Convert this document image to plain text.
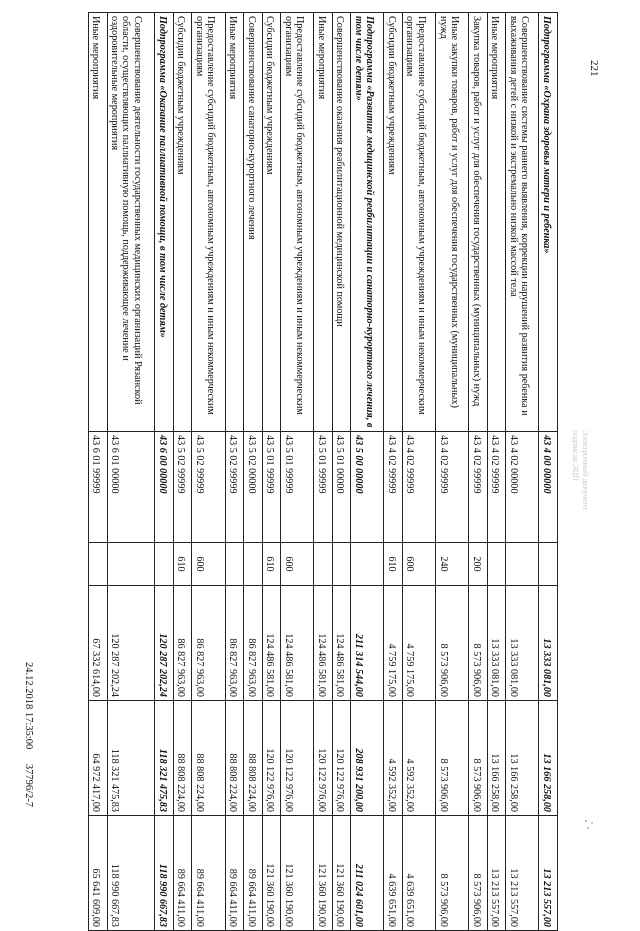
221
Подпрограмма «Охрана здоровья матери и ребенка»	43 4 00 00000		13 333 081,00	13 166 258,00	13 213 557,00
Совершенствование системы раннего выявления, коррекции нарушений развития ребенка и выхаживания детей с низкой и экстремально низкой массой тела	43 4 02 00000		13 333 081,00	13 166 258,00	13 213 557,00
Иные мероприятия	43 4 02 99999		13 333 081,00	13 166 258,00	13 213 557,00
Закупка товаров, работ и услуг для обеспечения государственных (муниципальных) нужд	43 4 02 99999	200	8 573 906,00	8 573 906,00	8 573 906,00
Иные закупки товаров, работ и услуг для обеспечения государственных (муниципальных) нужд	43 4 02 99999	240	8 573 906,00	8 573 906,00	8 573 906,00
Предоставление субсидий бюджетным, автономным учреждениям и иным некоммерческим организациям	43 4 02 99999	600	4 759 175,00	4 592 352,00	4 639 651,00
Субсидии бюджетным учреждениям	43 4 02 99999	610	4 759 175,00	4 592 352,00	4 639 651,00
Подпрограмма «Развитие медицинской реабилитации и санаторно-курортного лечения, в том числе детям»	43 5 00 00000		211 314 544,00	208 931 200,00	211 024 601,00
Совершенствование оказания реабилитационной медицинской помощи	43 5 01 00000		124 486 581,00	120 122 976,00	121 360 190,00
Иные мероприятия	43 5 01 99999		124 486 581,00	120 122 976,00	121 360 190,00
Предоставление субсидий бюджетным, автономным учреждениям и иным некоммерческим организациям	43 5 01 99999	600	124 486 581,00	120 122 976,00	121 360 190,00
Субсидии бюджетным учреждениям	43 5 01 99999	610	124 486 581,00	120 122 976,00	121 360 190,00
Совершенствование санаторно-курортного лечения	43 5 02 00000		86 827 963,00	88 808 224,00	89 664 411,00
Иные мероприятия	43 5 02 99999		86 827 963,00	88 808 224,00	89 664 411,00
Предоставление субсидий бюджетным, автономным учреждениям и иным некоммерческим организациям	43 5 02 99999	600	86 827 963,00	88 808 224,00	89 664 411,00
Субсидии бюджетным учреждениям	43 5 02 99999	610	86 827 963,00	88 808 224,00	89 664 411,00
Подпрограмма «Оказание паллиативной помощи, в том числе детям»	43 6 00 00000		120 287 202,24	118 321 475,83	118 990 667,83
Совершенствование деятельности государственных медицинских организаций Рязанской области, осуществляющих паллиативную помощь, поддерживающее лечение и оздоровительные мероприятия	43 6 01 00000		120 287 202,24	118 321 475,83	118 990 667,83
Иные мероприятия	43 6 01 99999		67 332 614,00	64 972 417,00	65 641 609,00
24.12.2018 17:35:00 37796/2-7
Электронный документ
подписан ЭЦП
